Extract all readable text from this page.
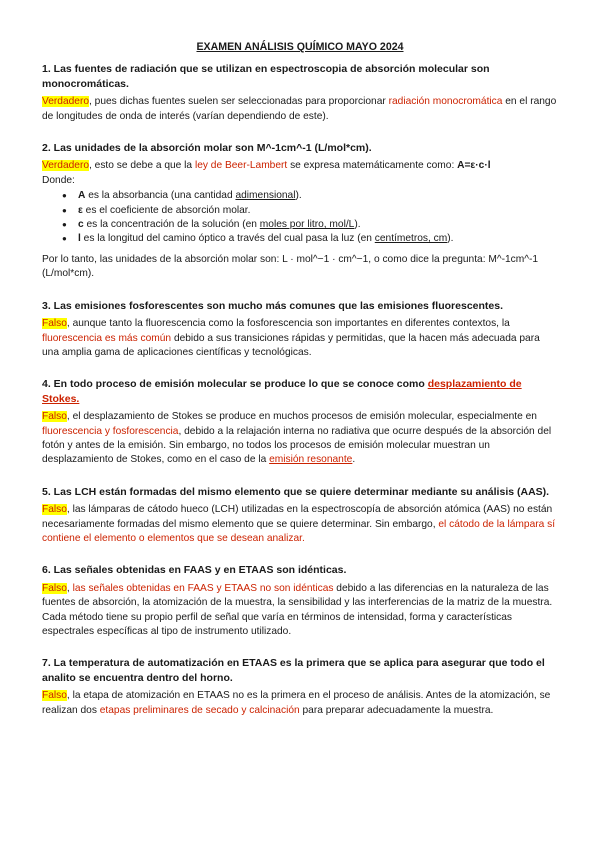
EXAMEN ANÁLISIS QUÍMICO MAYO 2024

1. Las fuentes de radiación que se utilizan en espectroscopia de absorción molecular son monocromáticas.

Verdadero, pues dichas fuentes suelen ser seleccionadas para proporcionar radiación monocromática en el rango de longitudes de onda de interés (varían dependiendo de este).

2. Las unidades de la absorción molar son M^-1cm^-1 (L/mol*cm).

Verdadero, esto se debe a que la ley de Beer-Lambert se expresa matemáticamente como: A=ε·c·l

Donde:

● A es la absorbancia (una cantidad adimensional).
● ε es el coeficiente de absorción molar.
● c es la concentración de la solución (en moles por litro, mol/L).
● l es la longitud del camino óptico a través del cual pasa la luz (en centímetros, cm).

Por lo tanto, las unidades de la absorción molar son: L · mol^−1 · cm^−1, o como dice la pregunta: M^-1cm^-1 (L/mol*cm).

3. Las emisiones fosforescentes son mucho más comunes que las emisiones fluorescentes.

Falso, aunque tanto la fluorescencia como la fosforescencia son importantes en diferentes contextos, la fluorescencia es más común debido a sus transiciones rápidas y permitidas, que la hacen más adecuada para una amplia gama de aplicaciones científicas y tecnológicas.

4. En todo proceso de emisión molecular se produce lo que se conoce como desplazamiento de Stokes.

Falso, el desplazamiento de Stokes se produce en muchos procesos de emisión molecular, especialmente en fluorescencia y fosforescencia, debido a la relajación interna no radiativa que ocurre después de la absorción del fotón y antes de la emisión. Sin embargo, no todos los procesos de emisión molecular muestran un desplazamiento de Stokes, como en el caso de la emisión resonante.

5. Las LCH están formadas del mismo elemento que se quiere determinar mediante su análisis (AAS).

Falso, las lámparas de cátodo hueco (LCH) utilizadas en la espectroscopía de absorción atómica (AAS) no están necesariamente formadas del mismo elemento que se quiere determinar. Sin embargo, el cátodo de la lámpara sí contiene el elemento o elementos que se desean analizar.

6. Las señales obtenidas en FAAS y en ETAAS son idénticas.

Falso, las señales obtenidas en FAAS y ETAAS no son idénticas debido a las diferencias en la naturaleza de las fuentes de absorción, la atomización de la muestra, la sensibilidad y las interferencias de la matriz de la muestra. Cada método tiene su propio perfil de señal que varía en términos de intensidad, forma y características espectrales específicas al tipo de instrumento utilizado.

7. La temperatura de automatización en ETAAS es la primera que se aplica para asegurar que todo el analito se encuentra dentro del horno.

Falso, la etapa de atomización en ETAAS no es la primera en el proceso de análisis. Antes de la atomización, se realizan dos etapas preliminares de secado y calcinación para preparar adecuadamente la muestra.
